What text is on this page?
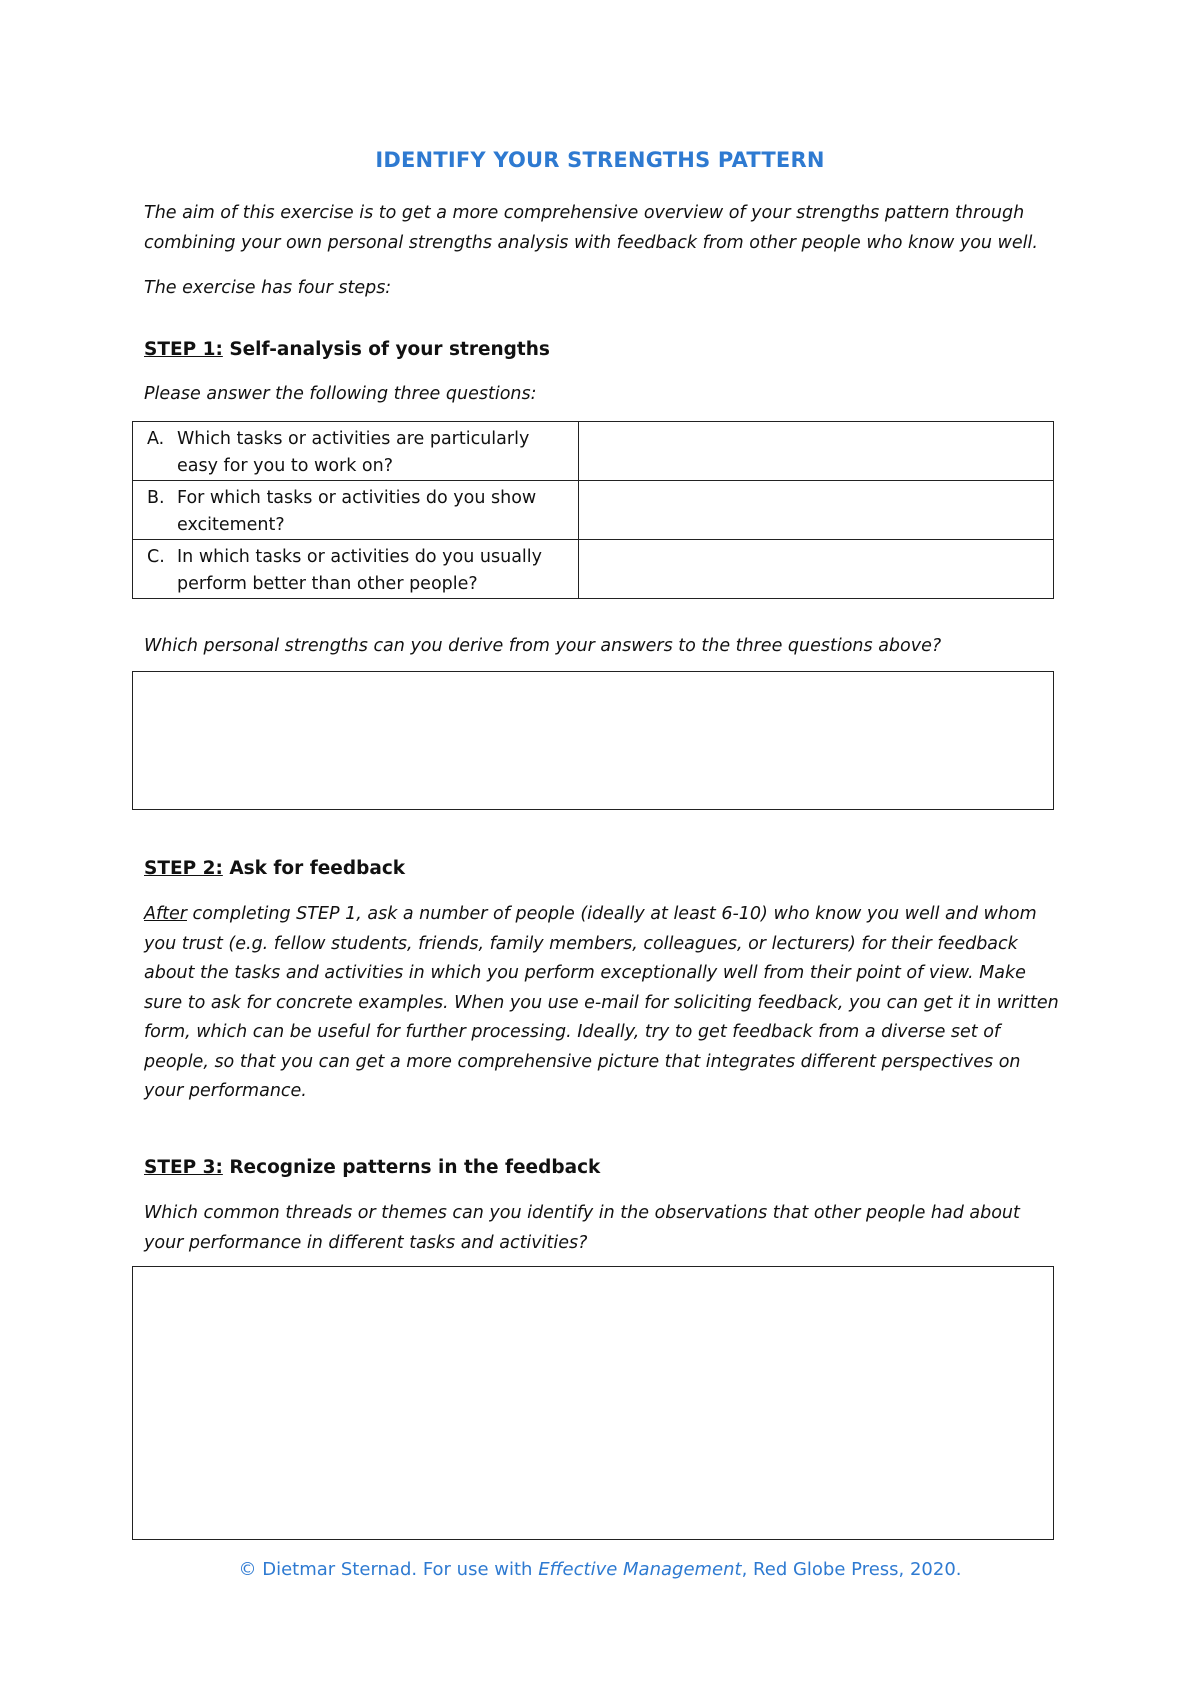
IDENTIFY YOUR STRENGTHS PATTERN
The aim of this exercise is to get a more comprehensive overview of your strengths pattern through combining your own personal strengths analysis with feedback from other people who know you well.
The exercise has four steps:
STEP 1: Self-analysis of your strengths
Please answer the following three questions:
A. Which tasks or activities are particularly easy for you to work on?	

B. For which tasks or activities do you show excitement?	

C. In which tasks or activities do you usually perform better than other people?	

Which personal strengths can you derive from your answers to the three questions above?
STEP 2: Ask for feedback
After completing STEP 1, ask a number of people (ideally at least 6-10) who know you well and whom you trust (e.g. fellow students, friends, family members, colleagues, or lecturers) for their feedback about the tasks and activities in which you perform exceptionally well from their point of view. Make sure to ask for concrete examples. When you use e-mail for soliciting feedback, you can get it in written form, which can be useful for further processing. Ideally, try to get feedback from a diverse set of people, so that you can get a more comprehensive picture that integrates different perspectives on your performance.
STEP 3: Recognize patterns in the feedback
Which common threads or themes can you identify in the observations that other people had about your performance in different tasks and activities?
© Dietmar Sternad. For use with Effective Management, Red Globe Press, 2020.
